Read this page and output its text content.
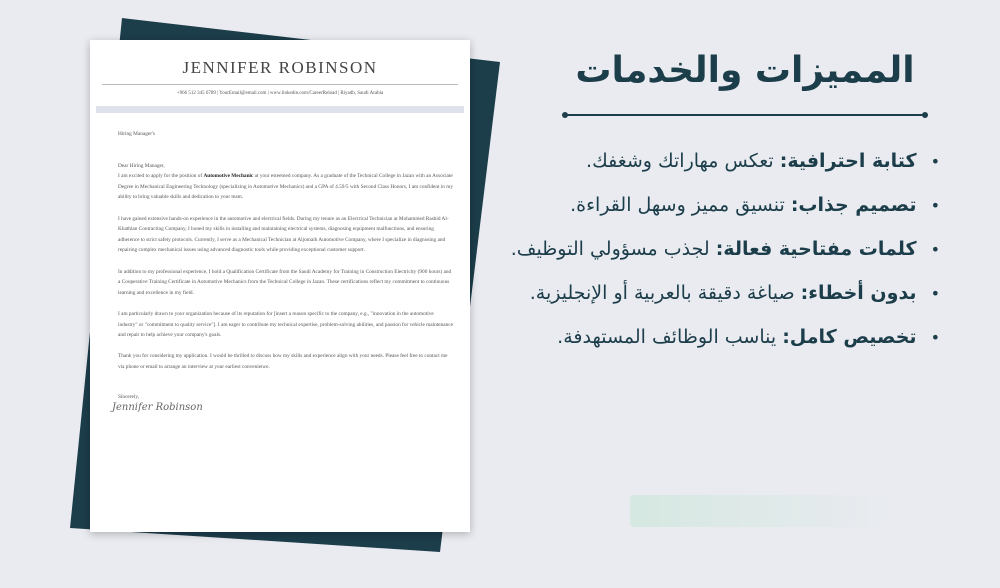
JENNIFER ROBINSON
+966 512 345 6789 | YourEmail@email.com | www.linkedin.com/CareerReload | Riyadh, Saudi Arabia

Hiring Manager's

Dear Hiring Manager,
I am excited to apply for the position of Automotive Mechanic at your esteemed company. As a graduate of the Technical College in Jazan with an Associate Degree in Mechanical Engineering Technology (specializing in Automotive Mechanics) and a GPA of 4.59/5 with Second Class Honors, I am confident in my ability to bring valuable skills and dedication to your team.

I have gained extensive hands-on experience in the automotive and electrical fields. During my tenure as an Electrical Technician at Mohammed Rashid Al-Khathlan Contracting Company, I honed my skills in installing and maintaining electrical systems, diagnosing equipment malfunctions, and ensuring adherence to strict safety protocols. Currently, I serve as a Mechanical Technician at Aljomaih Automotive Company, where I specialize in diagnosing and repairing complex mechanical issues using advanced diagnostic tools while providing exceptional customer support.

In addition to my professional experience, I hold a Qualification Certificate from the Saudi Academy for Training in Construction Electricity (900 hours) and a Cooperative Training Certificate in Automotive Mechanics from the Technical College in Jazan. These certifications reflect my commitment to continuous learning and excellence in my field.

I am particularly drawn to your organization because of its reputation for [insert a reason specific to the company, e.g., "innovation in the automotive industry" or "commitment to quality service"]. I am eager to contribute my technical expertise, problem-solving abilities, and passion for vehicle maintenance and repair to help achieve your company's goals.

Thank you for considering my application. I would be thrilled to discuss how my skills and experience align with your needs. Please feel free to contact me via phone or email to arrange an interview at your earliest convenience.

Sincerely,

Jennifer Robinson
المميزات والخدمات
• كتابة احترافية: تعكس مهاراتك وشغفك.
• تصميم جذاب: تنسيق مميز وسهل القراءة.
• كلمات مفتاحية فعالة: لجذب مسؤولي التوظيف.
• بدون أخطاء: صياغة دقيقة بالعربية أو الإنجليزية.
• تخصيص كامل: يناسب الوظائف المستهدفة.
